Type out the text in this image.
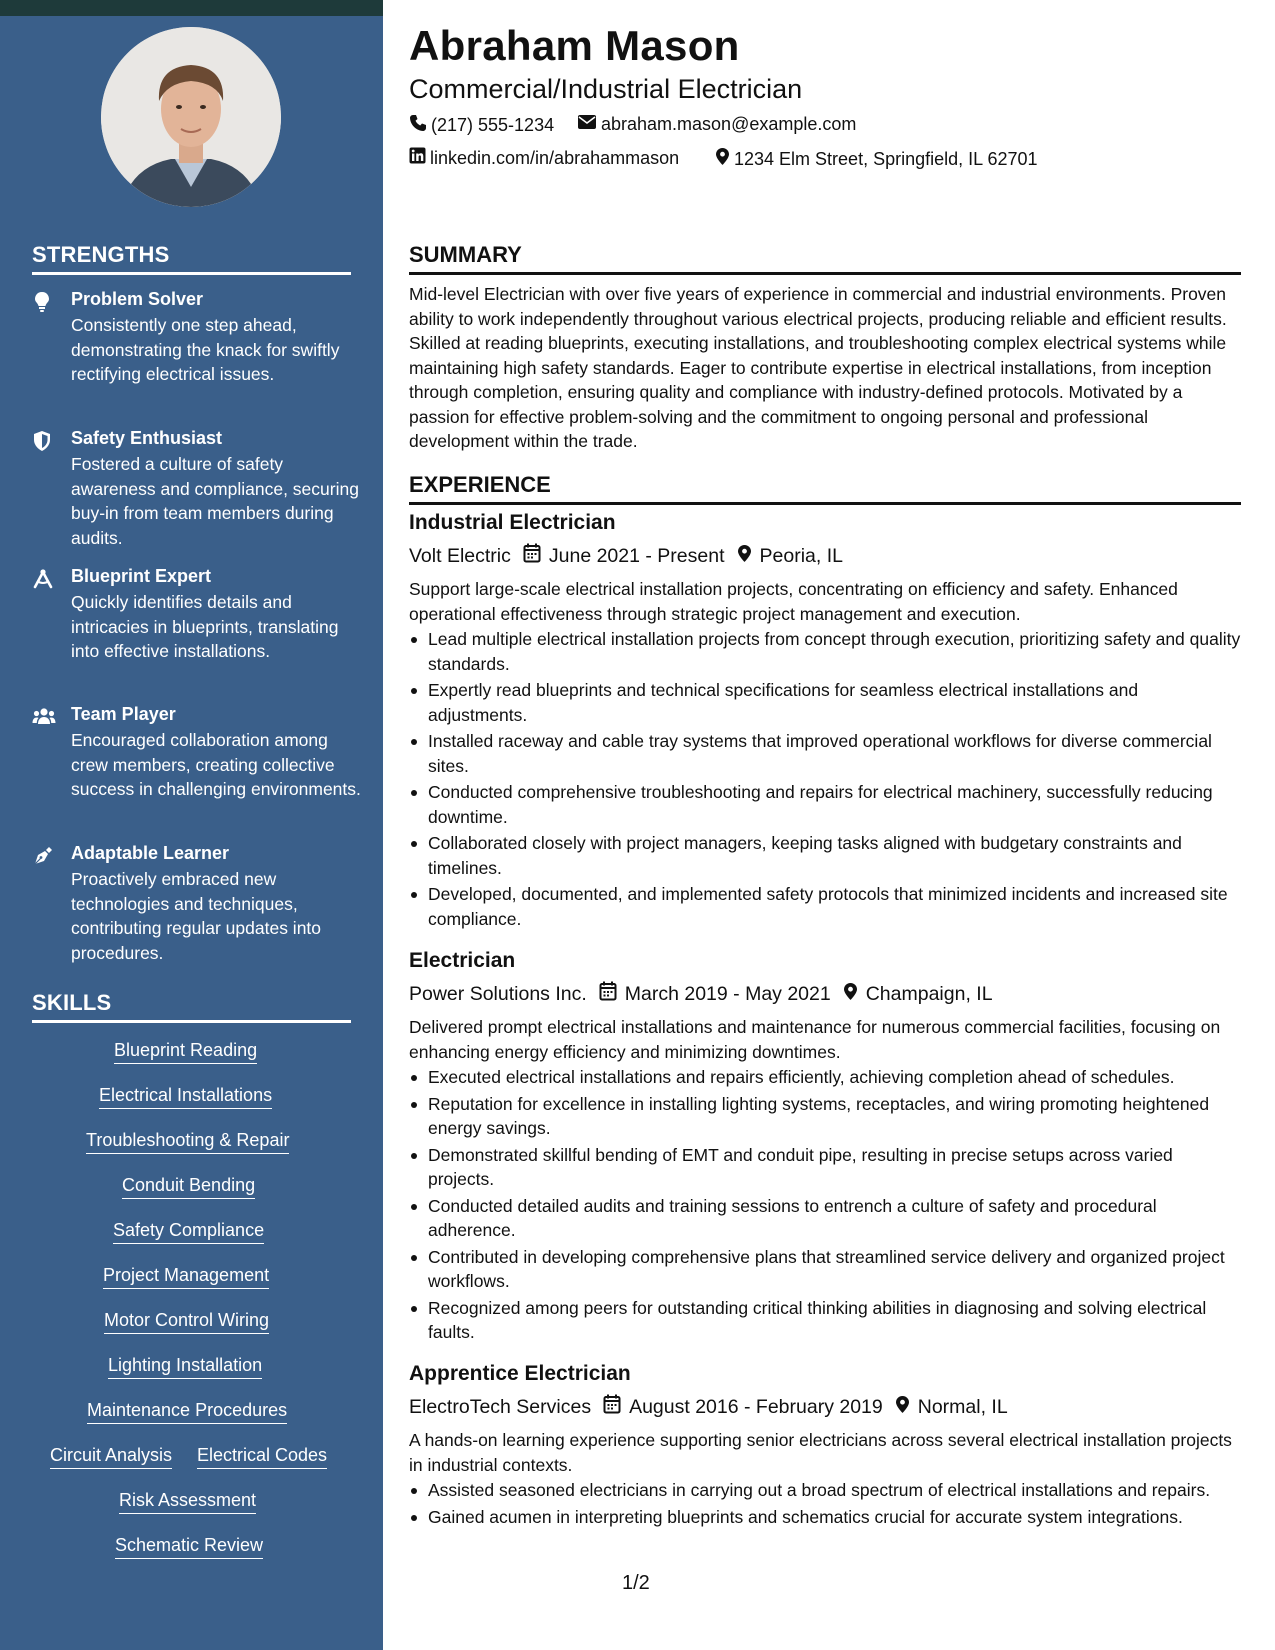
STRENGTHS
Problem Solver
Consistently one step ahead, demonstrating the knack for swiftly rectifying electrical issues.
Safety Enthusiast
Fostered a culture of safety awareness and compliance, securing buy-in from team members during audits.
Blueprint Expert
Quickly identifies details and intricacies in blueprints, translating into effective installations.
Team Player
Encouraged collaboration among crew members, creating collective success in challenging environments.
Adaptable Learner
Proactively embraced new technologies and techniques, contributing regular updates into procedures.
SKILLS
Blueprint Reading
Electrical Installations
Troubleshooting & Repair
Conduit Bending
Safety Compliance
Project Management
Motor Control Wiring
Lighting Installation
Maintenance Procedures
Circuit Analysis Electrical Codes
Risk Assessment
Schematic Review
Abraham Mason
Commercial/Industrial Electrician
(217) 555-1234	abraham.mason@example.com
linkedin.com/in/abrahammason	1234 Elm Street, Springfield, IL 62701
SUMMARY
Mid-level Electrician with over five years of experience in commercial and industrial environments. Proven ability to work independently throughout various electrical projects, producing reliable and efficient results. Skilled at reading blueprints, executing installations, and troubleshooting complex electrical systems while maintaining high safety standards. Eager to contribute expertise in electrical installations, from inception through completion, ensuring quality and compliance with industry-defined protocols. Motivated by a passion for effective problem-solving and the commitment to ongoing personal and professional development within the trade.
EXPERIENCE
Industrial Electrician
Volt Electric June 2021 - Present Peoria, IL
Support large-scale electrical installation projects, concentrating on efficiency and safety. Enhanced operational effectiveness through strategic project management and execution.
Lead multiple electrical installation projects from concept through execution, prioritizing safety and quality standards.
Expertly read blueprints and technical specifications for seamless electrical installations and adjustments.
Installed raceway and cable tray systems that improved operational workflows for diverse commercial sites.
Conducted comprehensive troubleshooting and repairs for electrical machinery, successfully reducing downtime.
Collaborated closely with project managers, keeping tasks aligned with budgetary constraints and timelines.
Developed, documented, and implemented safety protocols that minimized incidents and increased site compliance.
Electrician
Power Solutions Inc. March 2019 - May 2021 Champaign, IL
Delivered prompt electrical installations and maintenance for numerous commercial facilities, focusing on enhancing energy efficiency and minimizing downtimes.
Executed electrical installations and repairs efficiently, achieving completion ahead of schedules.
Reputation for excellence in installing lighting systems, receptacles, and wiring promoting heightened energy savings.
Demonstrated skillful bending of EMT and conduit pipe, resulting in precise setups across varied projects.
Conducted detailed audits and training sessions to entrench a culture of safety and procedural adherence.
Contributed in developing comprehensive plans that streamlined service delivery and organized project workflows.
Recognized among peers for outstanding critical thinking abilities in diagnosing and solving electrical faults.
Apprentice Electrician
ElectroTech Services August 2016 - February 2019 Normal, IL
A hands-on learning experience supporting senior electricians across several electrical installation projects in industrial contexts.
Assisted seasoned electricians in carrying out a broad spectrum of electrical installations and repairs.
Gained acumen in interpreting blueprints and schematics crucial for accurate system integrations.
1/2
